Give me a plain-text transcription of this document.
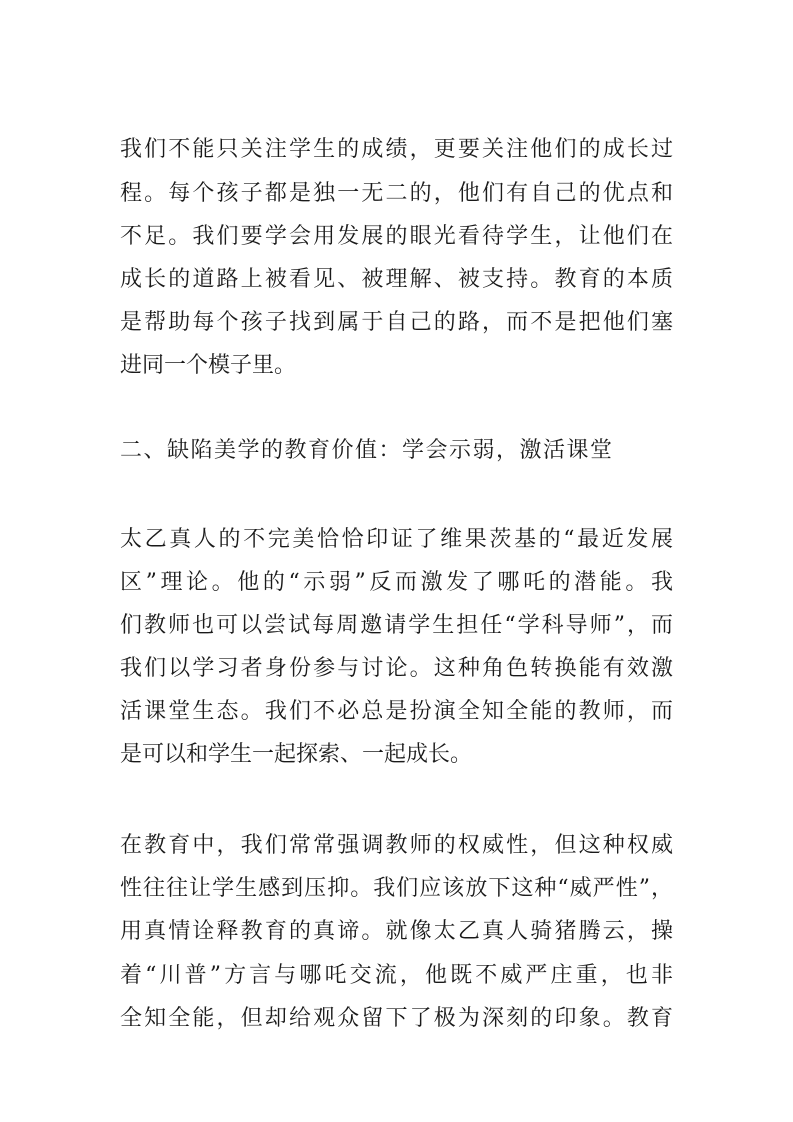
我们不能只关注学生的成绩，更要关注他们的成长过
程。每个孩子都是独一无二的，他们有自己的优点和
不足。我们要学会用发展的眼光看待学生，让他们在
成长的道路上被看见、被理解、被支持。教育的本质
是帮助每个孩子找到属于自己的路，而不是把他们塞
进同一个模子里。
二、缺陷美学的教育价值：学会示弱，激活课堂
太乙真人的不完美恰恰印证了维果茨基的“最近发展
区”理论。他的“示弱”反而激发了哪吒的潜能。我
们教师也可以尝试每周邀请学生担任“学科导师”，而
我们以学习者身份参与讨论。这种角色转换能有效激
活课堂生态。我们不必总是扮演全知全能的教师，而
是可以和学生一起探索、一起成长。
在教育中，我们常常强调教师的权威性，但这种权威
性往往让学生感到压抑。我们应该放下这种“威严性”，
用真情诠释教育的真谛。就像太乙真人骑猪腾云，操
着“川普”方言与哪吒交流，他既不威严庄重，也非
全知全能，但却给观众留下了极为深刻的印象。教育
